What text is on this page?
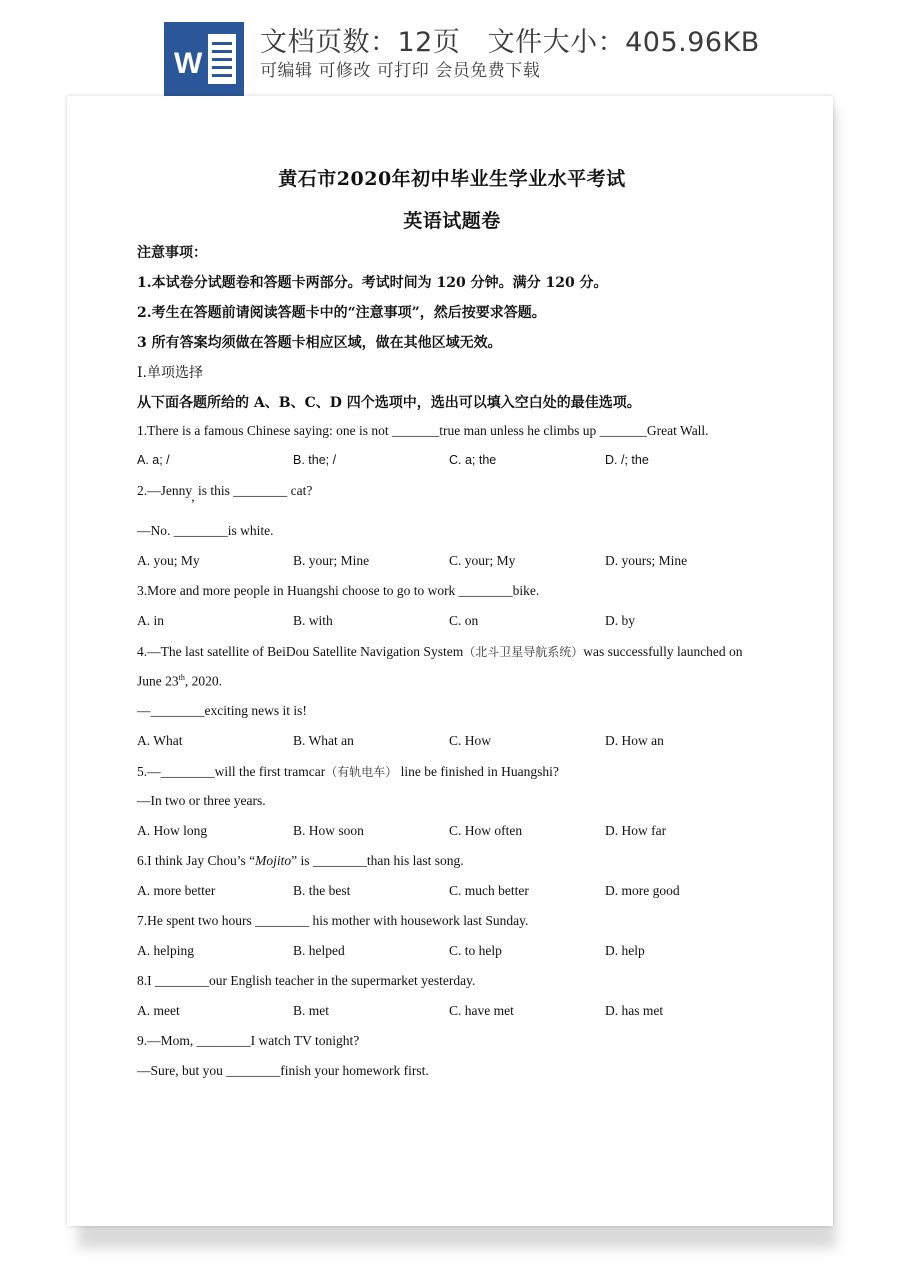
W
文档页数：12页   文件大小：405.96KB
可编辑 可修改 可打印 会员免费下载
黄石市2020年初中毕业生学业水平考试
英语试题卷
注意事项：
1.本试卷分试题卷和答题卡两部分。考试时间为 120 分钟。满分 120 分。
2.考生在答题前请阅读答题卡中的“注意事项”，然后按要求答题。
3 所有答案均须做在答题卡相应区域，做在其他区域无效。
I.单项选择
从下面各题所给的 A、B、C、D 四个选项中，选出可以填入空白处的最佳选项。
1.There is a famous Chinese saying: one is not _______true man unless he climbs up _______Great Wall.
A. a; /	B. the; /	C. a; the	D. /; the
2.—Jenny, is this ________ cat?
—No. ________is white.
A. you; My	B. your; Mine	C. your; My	D. yours; Mine
3.More and more people in Huangshi choose to go to work ________bike.
A. in	B. with	C. on	D. by
4.—The last satellite of BeiDou Satellite Navigation System（北斗卫星导航系统）was successfully launched on
June 23th, 2020.
—________exciting news it is!
A. What	B. What an	C. How	D. How an
5.—________will the first tramcar（有轨电车） line be finished in Huangshi?
—In two or three years.
A. How long	B. How soon	C. How often	D. How far
6.I think Jay Chou’s “Mojito” is ________than his last song.
A. more better	B. the best	C. much better	D. more good
7.He spent two hours ________ his mother with housework last Sunday.
A. helping	B. helped	C. to help	D. help
8.I ________our English teacher in the supermarket yesterday.
A. meet	B. met	C. have met	D. has met
9.—Mom, ________I watch TV tonight?
—Sure, but you ________finish your homework first.
